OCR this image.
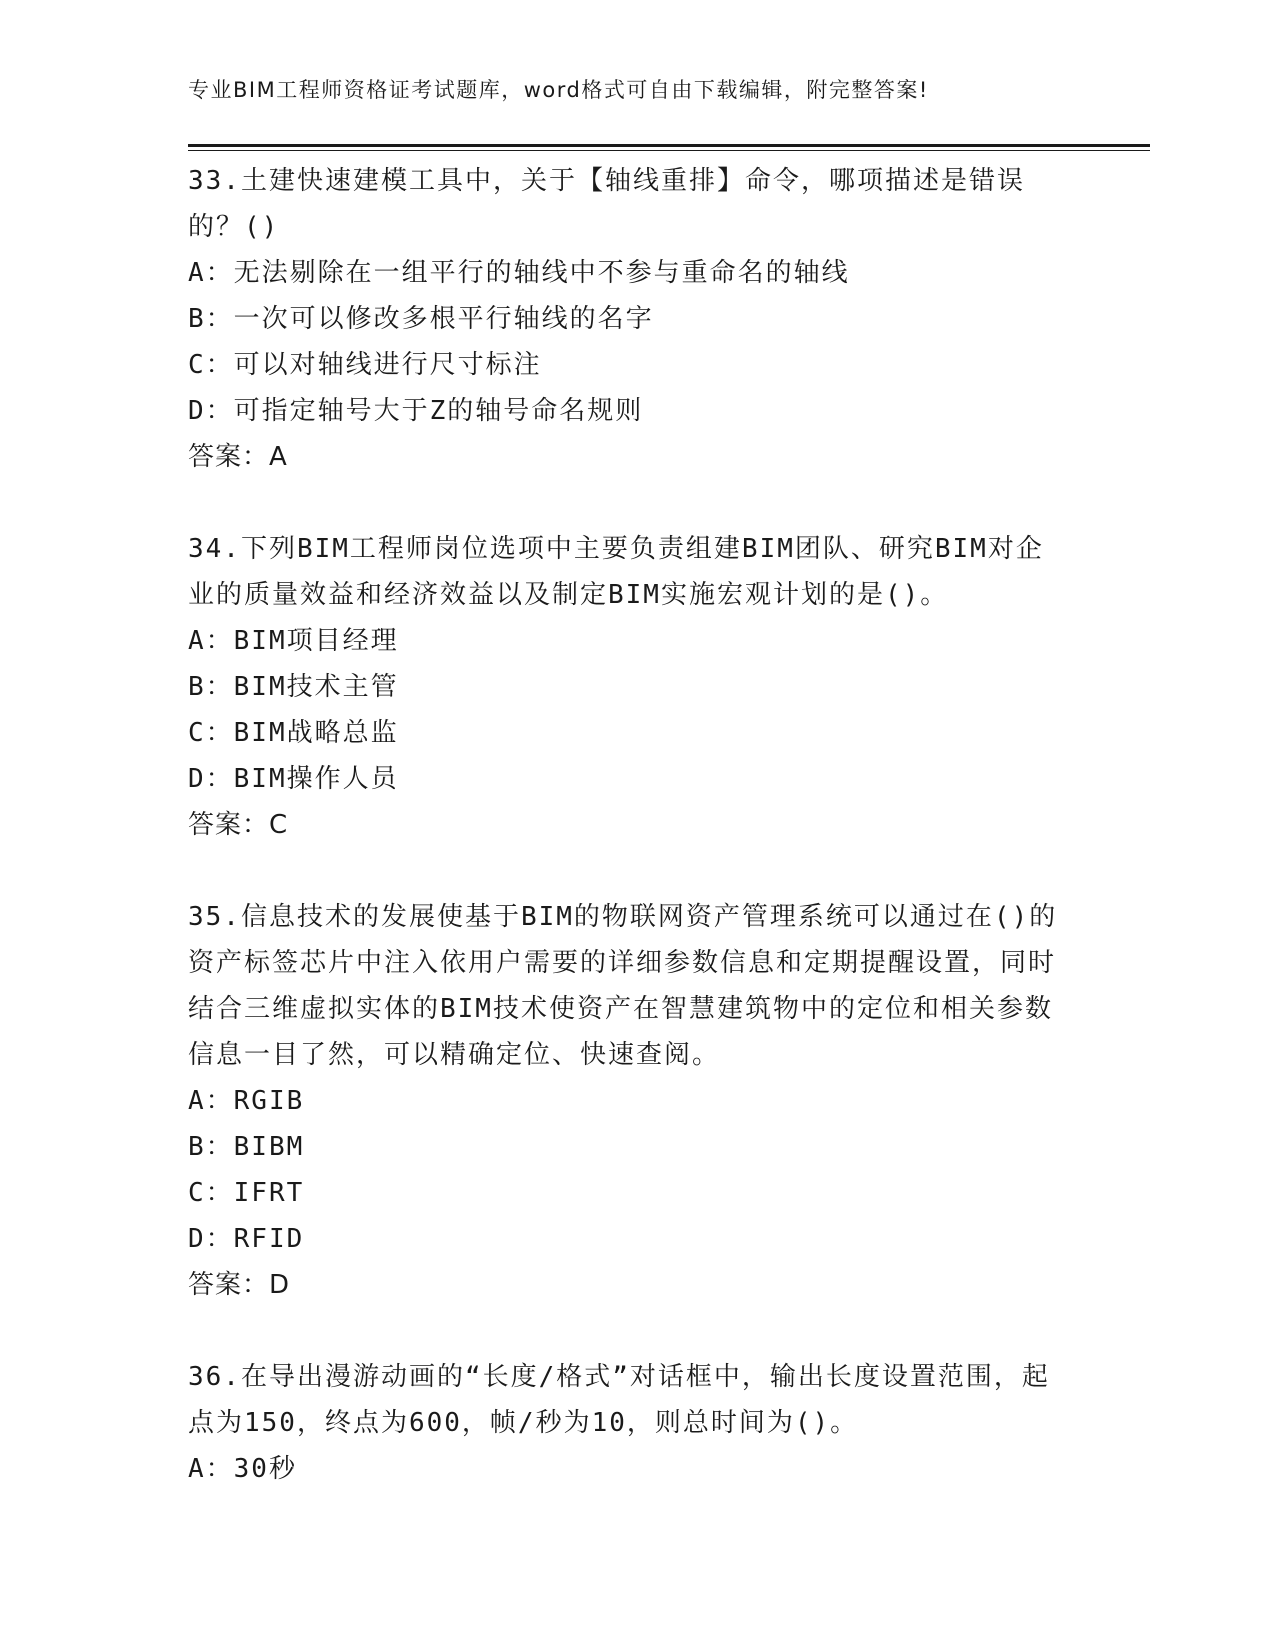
专业BIM工程师资格证考试题库，word格式可自由下载编辑，附完整答案!

33.土建快速建模工具中，关于【轴线重排】命令，哪项描述是错误的？()

A：无法剔除在一组平行的轴线中不参与重命名的轴线

B：一次可以修改多根平行轴线的名字

C：可以对轴线进行尺寸标注

D：可指定轴号大于Z的轴号命名规则

答案：A

34.下列BIM工程师岗位选项中主要负责组建BIM团队、研究BIM对企业的质量效益和经济效益以及制定BIM实施宏观计划的是()。

A：BIM项目经理

B：BIM技术主管

C：BIM战略总监

D：BIM操作人员

答案：C

35.信息技术的发展使基于BIM的物联网资产管理系统可以通过在()的资产标签芯片中注入依用户需要的详细参数信息和定期提醒设置，同时结合三维虚拟实体的BIM技术使资产在智慧建筑物中的定位和相关参数信息一目了然，可以精确定位、快速查阅。

A：RGIB

B：BIBM

C：IFRT

D：RFID

答案：D

36.在导出漫游动画的“长度/格式”对话框中，输出长度设置范围，起点为150，终点为600，帧/秒为10，则总时间为()。

A：30秒
